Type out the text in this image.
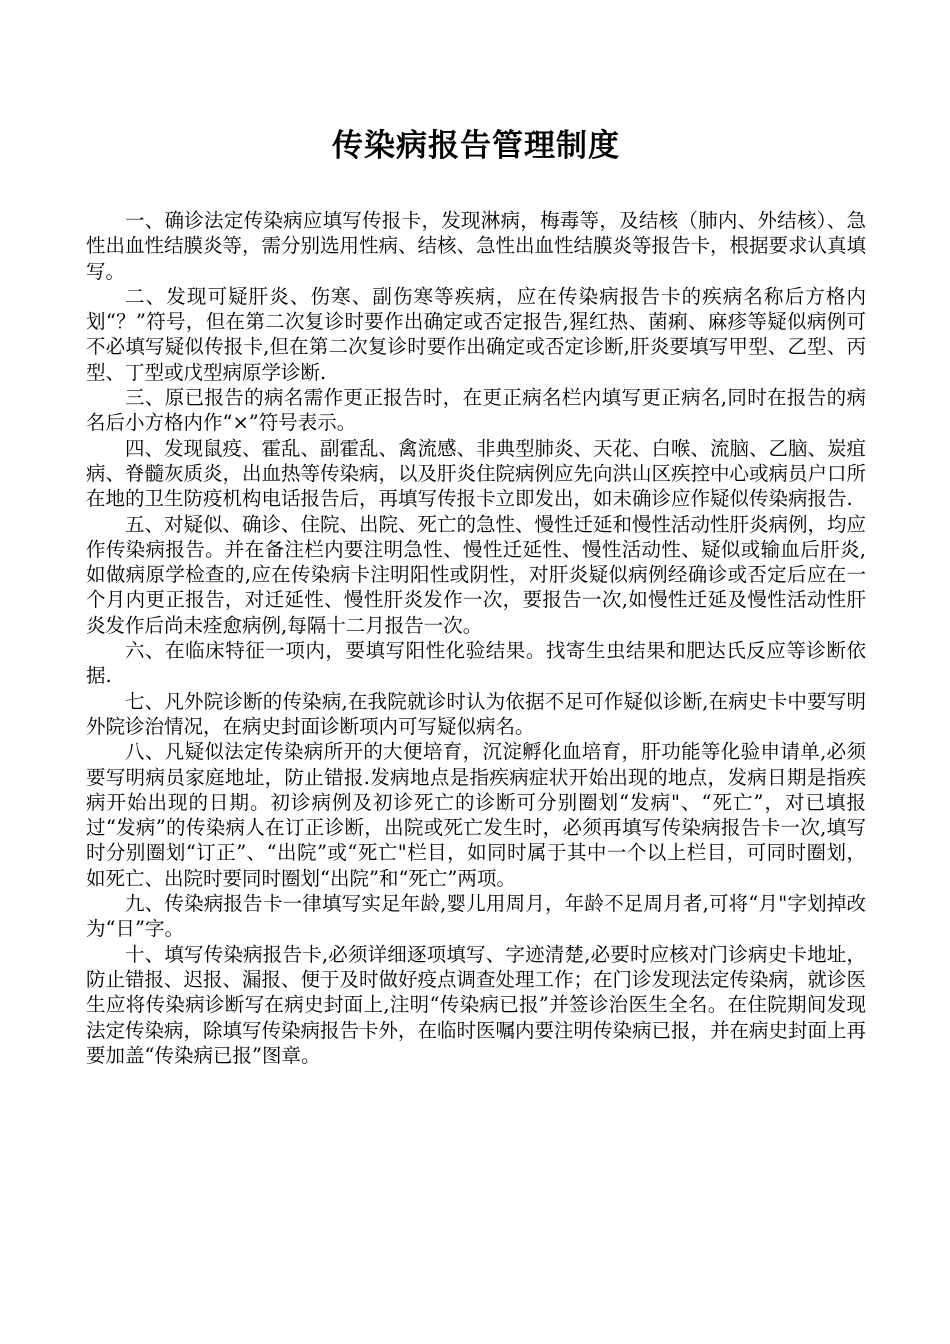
传染病报告管理制度

一、确诊法定传染病应填写传报卡，发现淋病，梅毒等，及结核（肺内、外结核）、急性出血性结膜炎等，需分别选用性病、结核、急性出血性结膜炎等报告卡，根据要求认真填写。

二、发现可疑肝炎、伤寒、副伤寒等疾病，应在传染病报告卡的疾病名称后方格内划“？”符号，但在第二次复诊时要作出确定或否定报告,猩红热、菌痢、麻疹等疑似病例可不必填写疑似传报卡,但在第二次复诊时要作出确定或否定诊断,肝炎要填写甲型、乙型、丙型、丁型或戊型病原学诊断.

三、原已报告的病名需作更正报告时，在更正病名栏内填写更正病名,同时在报告的病名后小方格内作“×”符号表示。

四、发现鼠疫、霍乱、副霍乱、禽流感、非典型肺炎、天花、白喉、流脑、乙脑、炭疽病、脊髓灰质炎，出血热等传染病，以及肝炎住院病例应先向洪山区疾控中心或病员户口所在地的卫生防疫机构电话报告后，再填写传报卡立即发出，如未确诊应作疑似传染病报告.

五、对疑似、确诊、住院、出院、死亡的急性、慢性迁延和慢性活动性肝炎病例，均应作传染病报告。并在备注栏内要注明急性、慢性迁延性、慢性活动性、疑似或输血后肝炎,如做病原学检查的,应在传染病卡注明阳性或阴性，对肝炎疑似病例经确诊或否定后应在一个月内更正报告，对迁延性、慢性肝炎发作一次，要报告一次,如慢性迁延及慢性活动性肝炎发作后尚未痊愈病例,每隔十二月报告一次。

六、在临床特征一项内，要填写阳性化验结果。找寄生虫结果和肥达氏反应等诊断依据.

七、凡外院诊断的传染病,在我院就诊时认为依据不足可作疑似诊断,在病史卡中要写明外院诊治情况，在病史封面诊断项内可写疑似病名。

八、凡疑似法定传染病所开的大便培育，沉淀孵化血培育，肝功能等化验申请单,必须要写明病员家庭地址，防止错报.发病地点是指疾病症状开始出现的地点，发病日期是指疾病开始出现的日期。初诊病例及初诊死亡的诊断可分别圈划“发病"、“死亡”，对已填报过“发病”的传染病人在订正诊断，出院或死亡发生时，必须再填写传染病报告卡一次,填写时分别圈划“订正”、“出院”或“死亡"栏目，如同时属于其中一个以上栏目，可同时圈划，如死亡、出院时要同时圈划“出院”和“死亡”两项。

九、传染病报告卡一律填写实足年龄,婴儿用周月，年龄不足周月者,可将“月"字划掉改为“日”字。

十、填写传染病报告卡,必须详细逐项填写、字迹清楚,必要时应核对门诊病史卡地址，防止错报、迟报、漏报、便于及时做好疫点调查处理工作；在门诊发现法定传染病，就诊医生应将传染病诊断写在病史封面上,注明“传染病已报”并签诊治医生全名。在住院期间发现法定传染病，除填写传染病报告卡外，在临时医嘱内要注明传染病已报，并在病史封面上再要加盖“传染病已报”图章。
